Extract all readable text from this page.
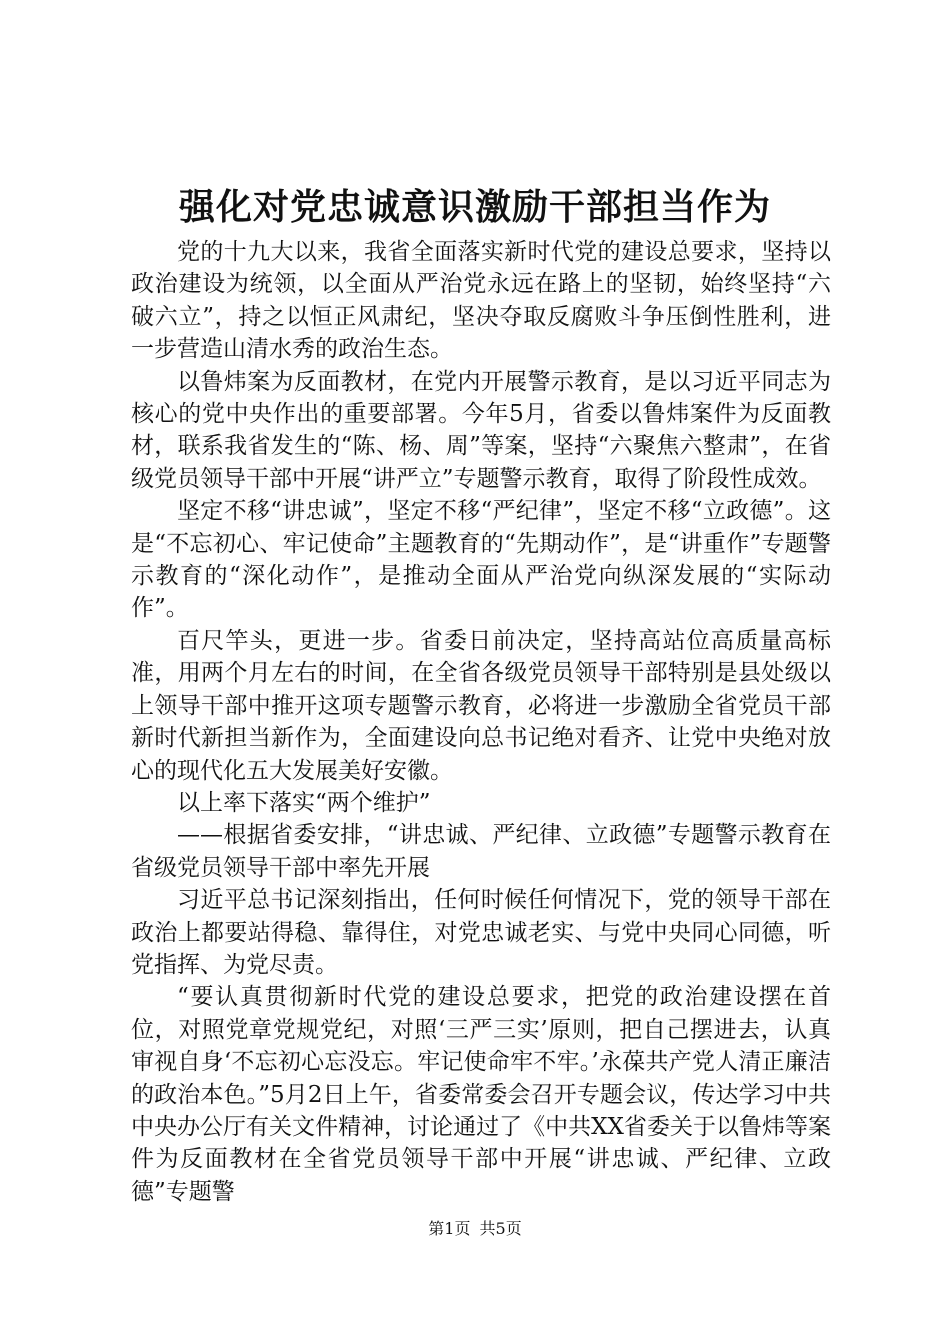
强化对党忠诚意识激励干部担当作为

党的十九大以来，我省全面落实新时代党的建设总要求，坚持以政治建设为统领，以全面从严治党永远在路上的坚韧，始终坚持“六破六立”，持之以恒正风肃纪，坚决夺取反腐败斗争压倒性胜利，进一步营造山清水秀的政治生态。

以鲁炜案为反面教材，在党内开展警示教育，是以习近平同志为核心的党中央作出的重要部署。今年5月，省委以鲁炜案件为反面教材，联系我省发生的“陈、杨、周”等案，坚持“六聚焦六整肃”，在省级党员领导干部中开展“讲严立”专题警示教育，取得了阶段性成效。

坚定不移“讲忠诚”，坚定不移“严纪律”，坚定不移“立政德”。这是“不忘初心、牢记使命”主题教育的“先期动作”，是“讲重作”专题警示教育的“深化动作”，是推动全面从严治党向纵深发展的“实际动作”。

百尺竿头，更进一步。省委日前决定，坚持高站位高质量高标准，用两个月左右的时间，在全省各级党员领导干部特别是县处级以上领导干部中推开这项专题警示教育，必将进一步激励全省党员干部新时代新担当新作为，全面建设向总书记绝对看齐、让党中央绝对放心的现代化五大发展美好安徽。

以上率下落实“两个维护”

——根据省委安排，“讲忠诚、严纪律、立政德”专题警示教育在省级党员领导干部中率先开展

习近平总书记深刻指出，任何时候任何情况下，党的领导干部在政治上都要站得稳、靠得住，对党忠诚老实、与党中央同心同德，听党指挥、为党尽责。

“要认真贯彻新时代党的建设总要求，把党的政治建设摆在首位，对照党章党规党纪，对照‘三严三实’原则，把自己摆进去，认真审视自身‘不忘初心忘没忘。牢记使命牢不牢。’永葆共产党人清正廉洁的政治本色。”5月2日上午，省委常委会召开专题会议，传达学习中共中央办公厅有关文件精神，讨论通过了《中共XX省委关于以鲁炜等案件为反面教材在全省党员领导干部中开展“讲忠诚、严纪律、立政德”专题警

第1页 共5页
